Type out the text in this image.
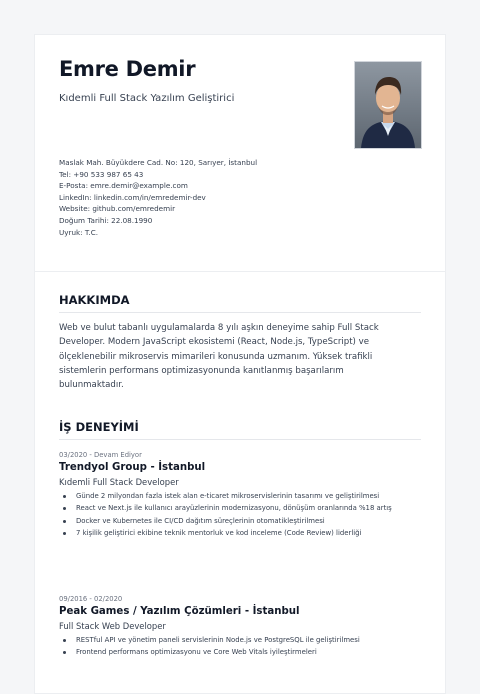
Emre Demir
Kıdemli Full Stack Yazılım Geliştirici
Maslak Mah. Büyükdere Cad. No: 120, Sarıyer, İstanbul
Tel: +90 533 987 65 43
E-Posta: emre.demir@example.com
LinkedIn: linkedin.com/in/emredemir-dev
Website: github.com/emredemir
Doğum Tarihi: 22.08.1990
Uyruk: T.C.
HAKKIMDA
Web ve bulut tabanlı uygulamalarda 8 yılı aşkın deneyime sahip Full Stack Developer. Modern JavaScript ekosistemi (React, Node.js, TypeScript) ve ölçeklenebilir mikroservis mimarileri konusunda uzmanım. Yüksek trafikli sistemlerin performans optimizasyonunda kanıtlanmış başarılarım bulunmaktadır.
İŞ DENEYİMİ
03/2020 - Devam Ediyor
Trendyol Group - İstanbul
Kıdemli Full Stack Developer
Günde 2 milyondan fazla istek alan e-ticaret mikroservislerinin tasarımı ve geliştirilmesi
React ve Next.js ile kullanıcı arayüzlerinin modernizasyonu, dönüşüm oranlarında %18 artış
Docker ve Kubernetes ile CI/CD dağıtım süreçlerinin otomatikleştirilmesi
7 kişilik geliştirici ekibine teknik mentorluk ve kod inceleme (Code Review) liderliği
09/2016 - 02/2020
Peak Games / Yazılım Çözümleri - İstanbul
Full Stack Web Developer
RESTful API ve yönetim paneli servislerinin Node.js ve PostgreSQL ile geliştirilmesi
Frontend performans optimizasyonu ve Core Web Vitals iyileştirmeleri
